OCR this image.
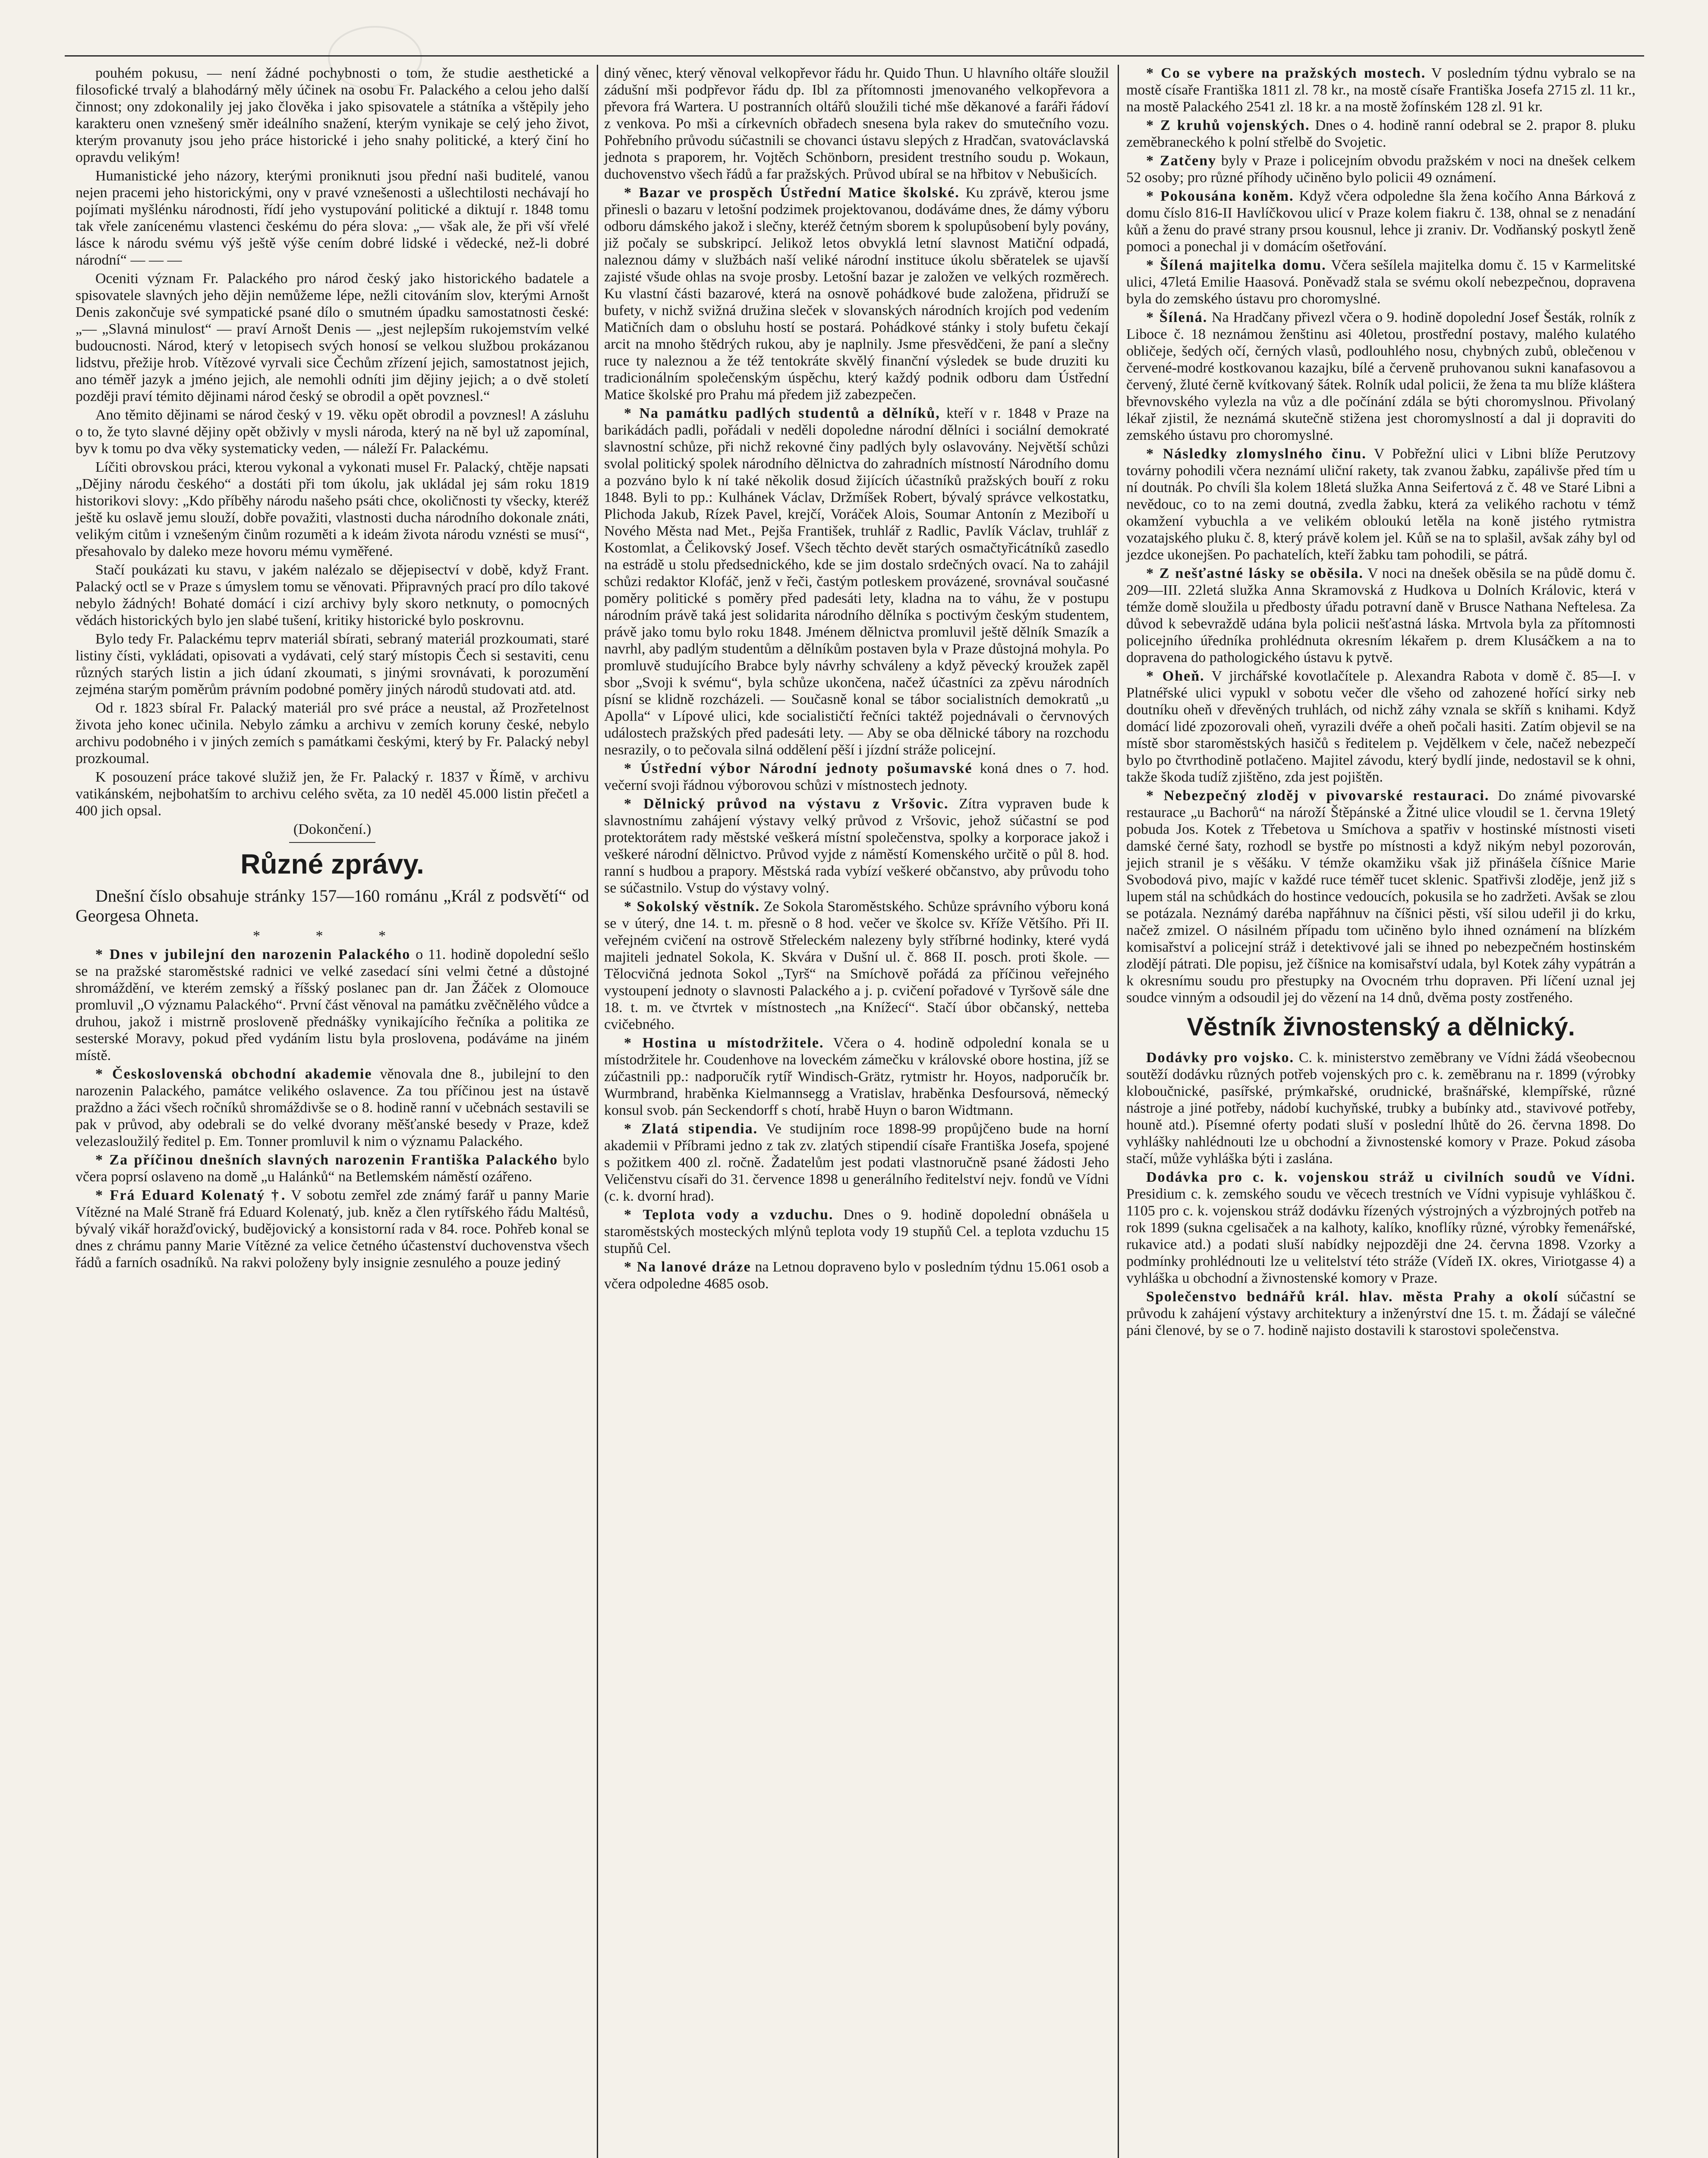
pouhém pokusu, — není žádné pochybnosti o tom, že studie aesthetické a filosofické trvalý a blahodárný měly účinek na osobu Fr. Palackého a celou jeho další činnost; ony zdokonalily jej jako člověka i jako spisovatele a státníka a vštěpily jeho karakteru onen vznešený směr ideálního snažení, kterým vynikaje se celý jeho život, kterým provanuty jsou jeho práce historické i jeho snahy politické, a který činí ho opravdu velikým!

Humanistické jeho názory, kterými proniknuti jsou přední naši buditelé, vanou nejen pracemi jeho historickými, ony v pravé vznešenosti a ušlechtilosti nechávají ho pojímati myšlénku národnosti, řídí jeho vystupování politické a diktují r. 1848 tomu tak vřele zanícenému vlastenci českému do péra slova: „— však ale, že při vší vřelé lásce k národu svému výš ještě výše cením dobré lidské i vědecké, než-li dobré národní“ — — —

Oceniti význam Fr. Palackého pro národ český jako historického badatele a spisovatele slavných jeho dějin nemůžeme lépe, nežli citováním slov, kterými Arnošt Denis zakončuje své sympatické psané dílo o smutném úpadku samostatnosti české: „— „Slavná minulost“ — praví Arnošt Denis — „jest nejlepším rukojemstvím velké budoucnosti. Národ, který v letopisech svých honosí se velkou službou prokázanou lidstvu, přežije hrob. Vítězové vyrvali sice Čechům zřízení jejich, samostatnost jejich, ano téměř jazyk a jméno jejich, ale nemohli odníti jim dějiny jejich; a o dvě století později praví témito dějinami národ český se obrodil a opět povznesl.“

Ano těmito dějinami se národ český v 19. věku opět obrodil a povznesl! A zásluhu o to, že tyto slavné dějiny opět obživly v mysli národa, který na ně byl už zapomínal, byv k tomu po dva věky systematicky veden, — náleží Fr. Palackému.

Líčiti obrovskou práci, kterou vykonal a vykonati musel Fr. Palacký, chtěje napsati „Dějiny národu českého“ a dostáti při tom úkolu, jak ukládal jej sám roku 1819 historikovi slovy: „Kdo příběhy národu našeho psáti chce, okoličnosti ty všecky, kteréž ještě ku oslavě jemu slouží, dobře považiti, vlastnosti ducha národního dokonale znáti, velikým citům i vznešeným činům rozuměti a k ideám života národu vznésti se musí“, přesahovalo by daleko meze hovoru mému vyměřené.

Stačí poukázati ku stavu, v jakém nalézalo se dějepisectví v době, když Frant. Palacký octl se v Praze s úmyslem tomu se věnovati. Připravných prací pro dílo takové nebylo žádných! Bohaté domácí i cizí archivy byly skoro netknuty, o pomocných vědách historických bylo jen slabé tušení, kritiky historické bylo poskrovnu.

Bylo tedy Fr. Palackému teprv materiál sbírati, sebraný materiál prozkoumati, staré listiny čísti, vykládati, opisovati a vydávati, celý starý místopis Čech si sestaviti, cenu různých starých listin a jich údaní zkoumati, s jinými srovnávati, k porozumění zejména starým poměrům právním podobné poměry jiných národů studovati atd. atd.

Od r. 1823 sbíral Fr. Palacký materiál pro své práce a neustal, až Prozřetelnost života jeho konec učinila. Nebylo zámku a archivu v zemích koruny české, nebylo archivu podobného i v jiných zemích s památkami českými, který by Fr. Palacký nebyl prozkoumal.

K posouzení práce takové služiž jen, že Fr. Palacký r. 1837 v Římě, v archivu vatikánském, nejbohatším to archivu celého světa, za 10 neděl 45.000 listin přečetl a 400 jich opsal.

(Dokončení.)

Různé zprávy.

Dnešní číslo obsahuje stránky 157—160 románu „Král z podsvětí“ od Georgesa Ohneta.

* * *

* Dnes v jubilejní den narozenin Palackého o 11. hodině dopolední sešlo se na pražské staroměstské radnici ve velké zasedací síni velmi četné a důstojné shromáždění, ve kterém zemský a říšský poslanec pan dr. Jan Žáček z Olomouce promluvil „O významu Palackého“. První část věnoval na památku zvěčnělého vůdce a druhou, jakož i mistrně prosloveně přednášky vynikajícího řečníka a politika ze sesterské Moravy, pokud před vydáním listu byla proslovena, podáváme na jiném místě.

* Československá obchodní akademie věnovala dne 8., jubilejní to den narozenin Palackého, památce velikého oslavence. Za tou příčinou jest na ústavě praždno a žáci všech ročníků shromáždivše se o 8. hodině ranní v učebnách sestavili se pak v průvod, aby odebrali se do velké dvorany měšťanské besedy v Praze, kdež velezasloužilý ředitel p. Em. Tonner promluvil k nim o významu Palackého.

* Za příčinou dnešních slavných narozenin Františka Palackého bylo včera poprsí oslaveno na domě „u Halánků“ na Betlemském náměstí ozářeno.

* Frá Eduard Kolenatý †. V sobotu zemřel zde známý farář u panny Marie Vítězné na Malé Straně frá Eduard Kolenatý, jub. kněz a člen rytířského řádu Maltésů, bývalý vikář horažďovický, budějovický a konsistorní rada v 84. roce. Pohřeb konal se dnes z chrámu panny Marie Vítězné za velice četného účastenství duchovenstva všech řádů a farních osadníků. Na rakvi položeny byly insignie zesnulého a pouze jediný

diný věnec, který věnoval velkopřevor řádu hr. Quido Thun. U hlavního oltáře sloužil zádušní mši podpřevor řádu dp. Ibl za přítomnosti jmenovaného velkopřevora a převora frá Wartera. U postranních oltářů sloužili tiché mše děkanové a faráři řádoví z venkova. Po mši a církevních obřadech snesena byla rakev do smutečního vozu. Pohřebního průvodu súčastnili se chovanci ústavu slepých z Hradčan, svatováclavská jednota s praporem, hr. Vojtěch Schönborn, president trestního soudu p. Wokaun, duchovenstvo všech řádů a far pražských. Průvod ubíral se na hřbitov v Nebušicích.

* Bazar ve prospěch Ústřední Matice školské. Ku zprávě, kterou jsme přinesli o bazaru v letošní podzimek projektovanou, dodáváme dnes, že dámy výboru odboru dámského jakož i slečny, kteréž četným sborem k spolupůsobení byly povány, již počaly se subskripcí. Jelikož letos obvyklá letní slavnost Matiční odpadá, naleznou dámy v službách naší veliké národní instituce úkolu sběratelek se ujavší zajisté všude ohlas na svoje prosby. Letošní bazar je založen ve velkých rozměrech. Ku vlastní části bazarové, která na osnově pohádkové bude založena, přidruží se bufety, v nichž svižná družina sleček v slovanských národních krojích pod vedením Matičních dam o obsluhu hostí se postará. Pohádkové stánky i stoly bufetu čekají arcit na mnoho štědrých rukou, aby je naplnily. Jsme přesvědčeni, že paní a slečny ruce ty naleznou a že též tentokráte skvělý finanční výsledek se bude druziti ku tradicionálním společenským úspěchu, který každý podnik odboru dam Ústřední Matice školské pro Prahu má předem již zabezpečen.

* Na památku padlých studentů a dělníků, kteří v r. 1848 v Praze na barikádách padli, pořádali v neděli dopoledne národní dělníci i sociální demokraté slavnostní schůze, při nichž rekovné činy padlých byly oslavovány. Největší schůzi svolal politický spolek národního dělnictva do zahradních místností Národního domu a pozváno bylo k ní také několik dosud žijících účastníků pražských bouří z roku 1848. Byli to pp.: Kulhánek Václav, Držmíšek Robert, bývalý správce velkostatku, Plichoda Jakub, Rízek Pavel, krejčí, Voráček Alois, Soumar Antonín z Meziboří u Nového Města nad Met., Pejša František, truhlář z Radlic, Pavlík Václav, truhlář z Kostomlat, a Čelikovský Josef. Všech těchto devět starých osmačtyřicátníků zasedlo na estrádě u stolu předsednického, kde se jim dostalo srdečných ovací. Na to zahájil schůzi redaktor Klofáč, jenž v řeči, častým potleskem provázené, srovnával současné poměry politické s poměry před padesáti lety, kladna na to váhu, že v postupu národním právě taká jest solidarita národního dělníka s poctivým českým studentem, právě jako tomu bylo roku 1848. Jménem dělnictva promluvil ještě dělník Smazík a navrhl, aby padlým studentům a dělníkům postaven byla v Praze důstojná mohyla. Po promluvě studujícího Brabce byly návrhy schváleny a když pěvecký kroužek zapěl sbor „Svoji k svému“, byla schůze ukončena, načež účastníci za zpěvu národních písní se klidně rozcházeli. — Současně konal se tábor socialistních demokratů „u Apolla“ v Lípové ulici, kde socialističtí řečníci taktéž pojednávali o červnových událostech pražských před padesáti lety. — Aby se oba dělnické tábory na rozchodu nesrazily, o to pečovala silná oddělení pěší i jízdní stráže policejní.

* Ústřední výbor Národní jednoty pošumavské koná dnes o 7. hod. večerní svoji řádnou výborovou schůzi v místnostech jednoty.

* Dělnický průvod na výstavu z Vršovic. Zítra vypraven bude k slavnostnímu zahájení výstavy velký průvod z Vršovic, jehož súčastní se pod protektorátem rady městské veškerá místní společenstva, spolky a korporace jakož i veškeré národní dělnictvo. Průvod vyjde z náměstí Komenského určitě o půl 8. hod. ranní s hudbou a prapory. Městská rada vybízí veškeré občanstvo, aby průvodu toho se súčastnilo. Vstup do výstavy volný.

* Sokolský věstník. Ze Sokola Staroměstského. Schůze správního výboru koná se v úterý, dne 14. t. m. přesně o 8 hod. večer ve školce sv. Kříže Většího. Při II. veřejném cvičení na ostrově Střeleckém nalezeny byly stříbrné hodinky, které vydá majiteli jednatel Sokola, K. Skvára v Dušní ul. č. 868 II. posch. proti škole. — Tělocvičná jednota Sokol „Tyrš“ na Smíchově pořádá za příčinou veřejného vystoupení jednoty o slavnosti Palackého a j. p. cvičení pořadové v Tyršově sále dne 18. t. m. ve čtvrtek v místnostech „na Knížecí“. Stačí úbor občanský, netteba cvičebného.

* Hostina u místodržitele. Včera o 4. hodině odpolední konala se u místodržitele hr. Coudenhove na loveckém zámečku v královské obore hostina, jíž se zúčastnili pp.: nadporučík rytíř Windisch-Grätz, rytmistr hr. Hoyos, nadporučík br. Wurmbrand, hraběnka Kielmannsegg a Vratislav, hraběnka Desfoursová, německý konsul svob. pán Seckendorff s chotí, hrabě Huyn o baron Widtmann.

* Zlatá stipendia. Ve studijním roce 1898-99 propůjčeno bude na horní akademii v Příbrami jedno z tak zv. zlatých stipendií císaře Františka Josefa, spojené s požitkem 400 zl. ročně. Žadatelům jest podati vlastnoručně psané žádosti Jeho Veličenstvu císaři do 31. července 1898 u generálního ředitelství nejv. fondů ve Vídni (c. k. dvorní hrad).

* Teplota vody a vzduchu. Dnes o 9. hodině dopolední obnášela u staroměstských mosteckých mlýnů teplota vody 19 stupňů Cel. a teplota vzduchu 15 stupňů Cel.

* Na lanové dráze na Letnou dopraveno bylo v posledním týdnu 15.061 osob a včera odpoledne 4685 osob.

* Co se vybere na pražských mostech. V posledním týdnu vybralo se na mostě císaře Františka 1811 zl. 78 kr., na mostě císaře Františka Josefa 2715 zl. 11 kr., na mostě Palackého 2541 zl. 18 kr. a na mostě žofínském 128 zl. 91 kr.

* Z kruhů vojenských. Dnes o 4. hodině ranní odebral se 2. prapor 8. pluku zeměbraneckého k polní střelbě do Svojetic.

* Zatčeny byly v Praze i policejním obvodu pražském v noci na dnešek celkem 52 osoby; pro různé příhody učiněno bylo policii 49 oznámení.

* Pokousána koněm. Když včera odpoledne šla žena kočího Anna Bárková z domu číslo 816-II Havlíčkovou ulicí v Praze kolem fiakru č. 138, ohnal se z nenadání kůň a ženu do pravé strany prsou kousnul, lehce ji zraniv. Dr. Vodňanský poskytl ženě pomoci a ponechal ji v domácím ošetřování.

* Šílená majitelka domu. Včera sešílela majitelka domu č. 15 v Karmelitské ulici, 47letá Emilie Haasová. Poněvadž stala se svému okolí nebezpečnou, dopravena byla do zemského ústavu pro choromyslné.

* Šílená. Na Hradčany přivezl včera o 9. hodině dopolední Josef Šesták, rolník z Liboce č. 18 neznámou ženštinu asi 40letou, prostřední postavy, malého kulatého obličeje, šedých očí, černých vlasů, podlouhlého nosu, chybných zubů, oblečenou v červené-modré kostkovanou kazajku, bílé a červeně pruhovanou sukni kanafasovou a červený, žluté černě kvítkovaný šátek. Rolník udal policii, že žena ta mu blíže kláštera břevnovského vylezla na vůz a dle počínání zdála se býti choromyslnou. Přivolaný lékař zjistil, že neznámá skutečně stižena jest choromyslností a dal ji dopraviti do zemského ústavu pro choromyslné.

* Následky zlomyslného činu. V Pobřežní ulici v Libni blíže Perutzovy továrny pohodili včera neznámí uliční rakety, tak zvanou žabku, zapálivše před tím u ní doutnák. Po chvíli šla kolem 18letá služka Anna Seifertová z č. 48 ve Staré Libni a nevědouc, co to na zemi doutná, zvedla žabku, která za velikého rachotu v témž okamžení vybuchla a ve velikém obloukú letěla na koně jistého rytmistra vozatajského pluku č. 8, který právě kolem jel. Kůň se na to splašil, avšak záhy byl od jezdce ukonejšen. Po pachatelích, kteří žabku tam pohodili, se pátrá.

* Z nešťastné lásky se oběsila. V noci na dnešek oběsila se na půdě domu č. 209—III. 22letá služka Anna Skramovská z Hudkova u Dolních Královic, která v témže domě sloužila u předbosty úřadu potravní daně v Brusce Nathana Neftelesa. Za důvod k sebevraždě udána byla policii nešťastná láska. Mrtvola byla za přítomnosti policejního úředníka prohlédnuta okresním lékařem p. drem Klusáčkem a na to dopravena do pathologického ústavu k pytvě.

* Oheň. V jirchářské kovotlačítele p. Alexandra Rabota v domě č. 85—I. v Platnéřské ulici vypukl v sobotu večer dle všeho od zahozené hořící sirky neb doutníku oheň v dřevěných truhlách, od nichž záhy vznala se skříň s knihami. Když domácí lidé zpozorovali oheň, vyrazili dvéře a oheň počali hasiti. Zatím objevil se na místě sbor staroměstských hasičů s ředitelem p. Vejdělkem v čele, načež nebezpečí bylo po čtvrthodině potlačeno. Majitel závodu, který bydlí jinde, nedostavil se k ohni, takže škoda tudíž zjištěno, zda jest pojištěn.

* Nebezpečný zloděj v pivovarské restauraci. Do známé pivovarské restaurace „u Bachorů“ na nároží Štěpánské a Žitné ulice vloudil se 1. června 19letý pobuda Jos. Kotek z Třebetova u Smíchova a spatřiv v hostinské místnosti viseti damské černé šaty, rozhodl se bystře po místnosti a když nikým nebyl pozorován, jejich stranil je s věšáku. V témže okamžiku však již přinášela číšnice Marie Svobodová pivo, majíc v každé ruce téměř tucet sklenic. Spatřivši zloděje, jenž již s lupem stál na schůdkách do hostince vedoucích, pokusila se ho zadržeti. Avšak se zlou se potázala. Neznámý daréba napřáhnuv na číšnici pěsti, vší silou udeřil ji do krku, načež zmizel. O násilném případu tom učiněno bylo ihned oznámení na blízkém komisařství a policejní stráž i detektivové jali se ihned po nebezpečném hostinském zlodějí pátrati. Dle popisu, jež číšnice na komisařství udala, byl Kotek záhy vypátrán a k okresnímu soudu pro přestupky na Ovocném trhu dopraven. Při líčení uznal jej soudce vinným a odsoudil jej do vězení na 14 dnů, dvěma posty zostřeného.

Věstník živnostenský a dělnický.

Dodávky pro vojsko. C. k. ministerstvo zeměbrany ve Vídni žádá všeobecnou soutěží dodávku různých potřeb vojenských pro c. k. zeměbranu na r. 1899 (výrobky kloboučnické, pasířské, prýmkařské, orudnické, brašnářské, klempířské, různé nástroje a jiné potřeby, nádobí kuchyňské, trubky a bubínky atd., stavivové potřeby, houně atd.). Písemné oferty podati sluší v poslední lhůtě do 26. června 1898. Do vyhlášky nahlédnouti lze u obchodní a živnostenské komory v Praze. Pokud zásoba stačí, může vyhláška býti i zaslána.

Dodávka pro c. k. vojenskou stráž u civilních soudů ve Vídni. Presidium c. k. zemského soudu ve věcech trestních ve Vídni vypisuje vyhláškou č. 1105 pro c. k. vojenskou stráž dodávku řízených výstrojných a výzbrojných potřeb na rok 1899 (sukna cgelisaček a na kalhoty, kalíko, knoflíky různé, výrobky řemenářské, rukavice atd.) a podati sluší nabídky nejpozději dne 24. června 1898. Vzorky a podmínky prohlédnouti lze u velitelství této stráže (Vídeň IX. okres, Viriotgasse 4) a vyhláška u obchodní a živnostenské komory v Praze.

Společenstvo bednářů král. hlav. města Prahy a okolí súčastní se průvodu k zahájení výstavy architektury a inženýrství dne 15. t. m. Žádají se válečné páni členové, by se o 7. hodině najisto dostavili k starostovi společenstva.
